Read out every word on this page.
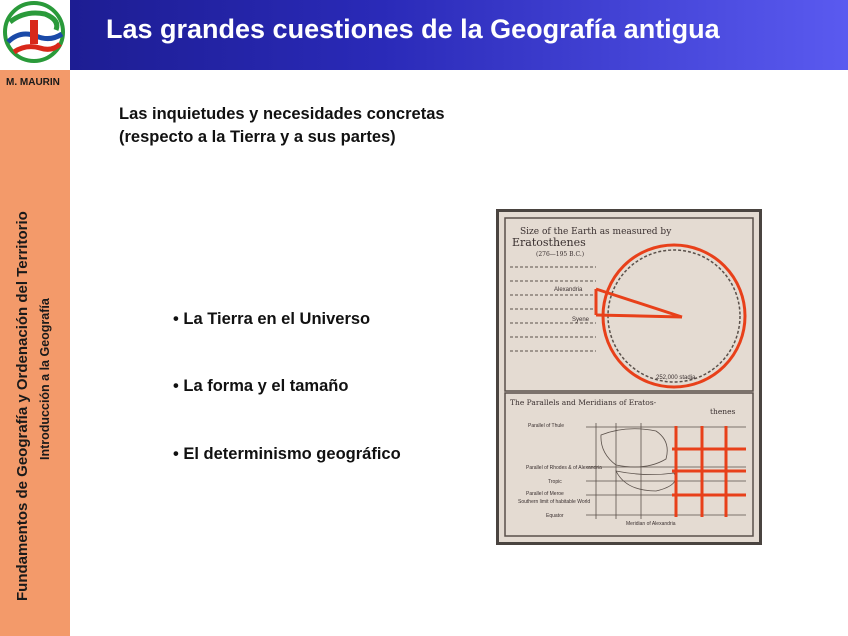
Las grandes cuestiones de la Geografía antigua
M. MAURIN
Fundamentos de Geografía y Ordenación del Territorio Introducción a la Geografía
Las inquietudes y necesidades concretas
(respecto a la Tierra y a sus partes)
• La Tierra en el Universo
• La forma y el tamaño
• El determinismo geográfico
Size of the Earth as measured by
Eratosthenes
(276—195 B.C.)
Alexandria
Syene
252,000 stadia
The Parallels and Meridians of Eratos-
thenes
Parallel of Thule
Parallel of Rhodes & of Alexandria
Tropic
Parallel of Meroe
Southern limit of habitable World
Equator
Meridian of Alexandria
